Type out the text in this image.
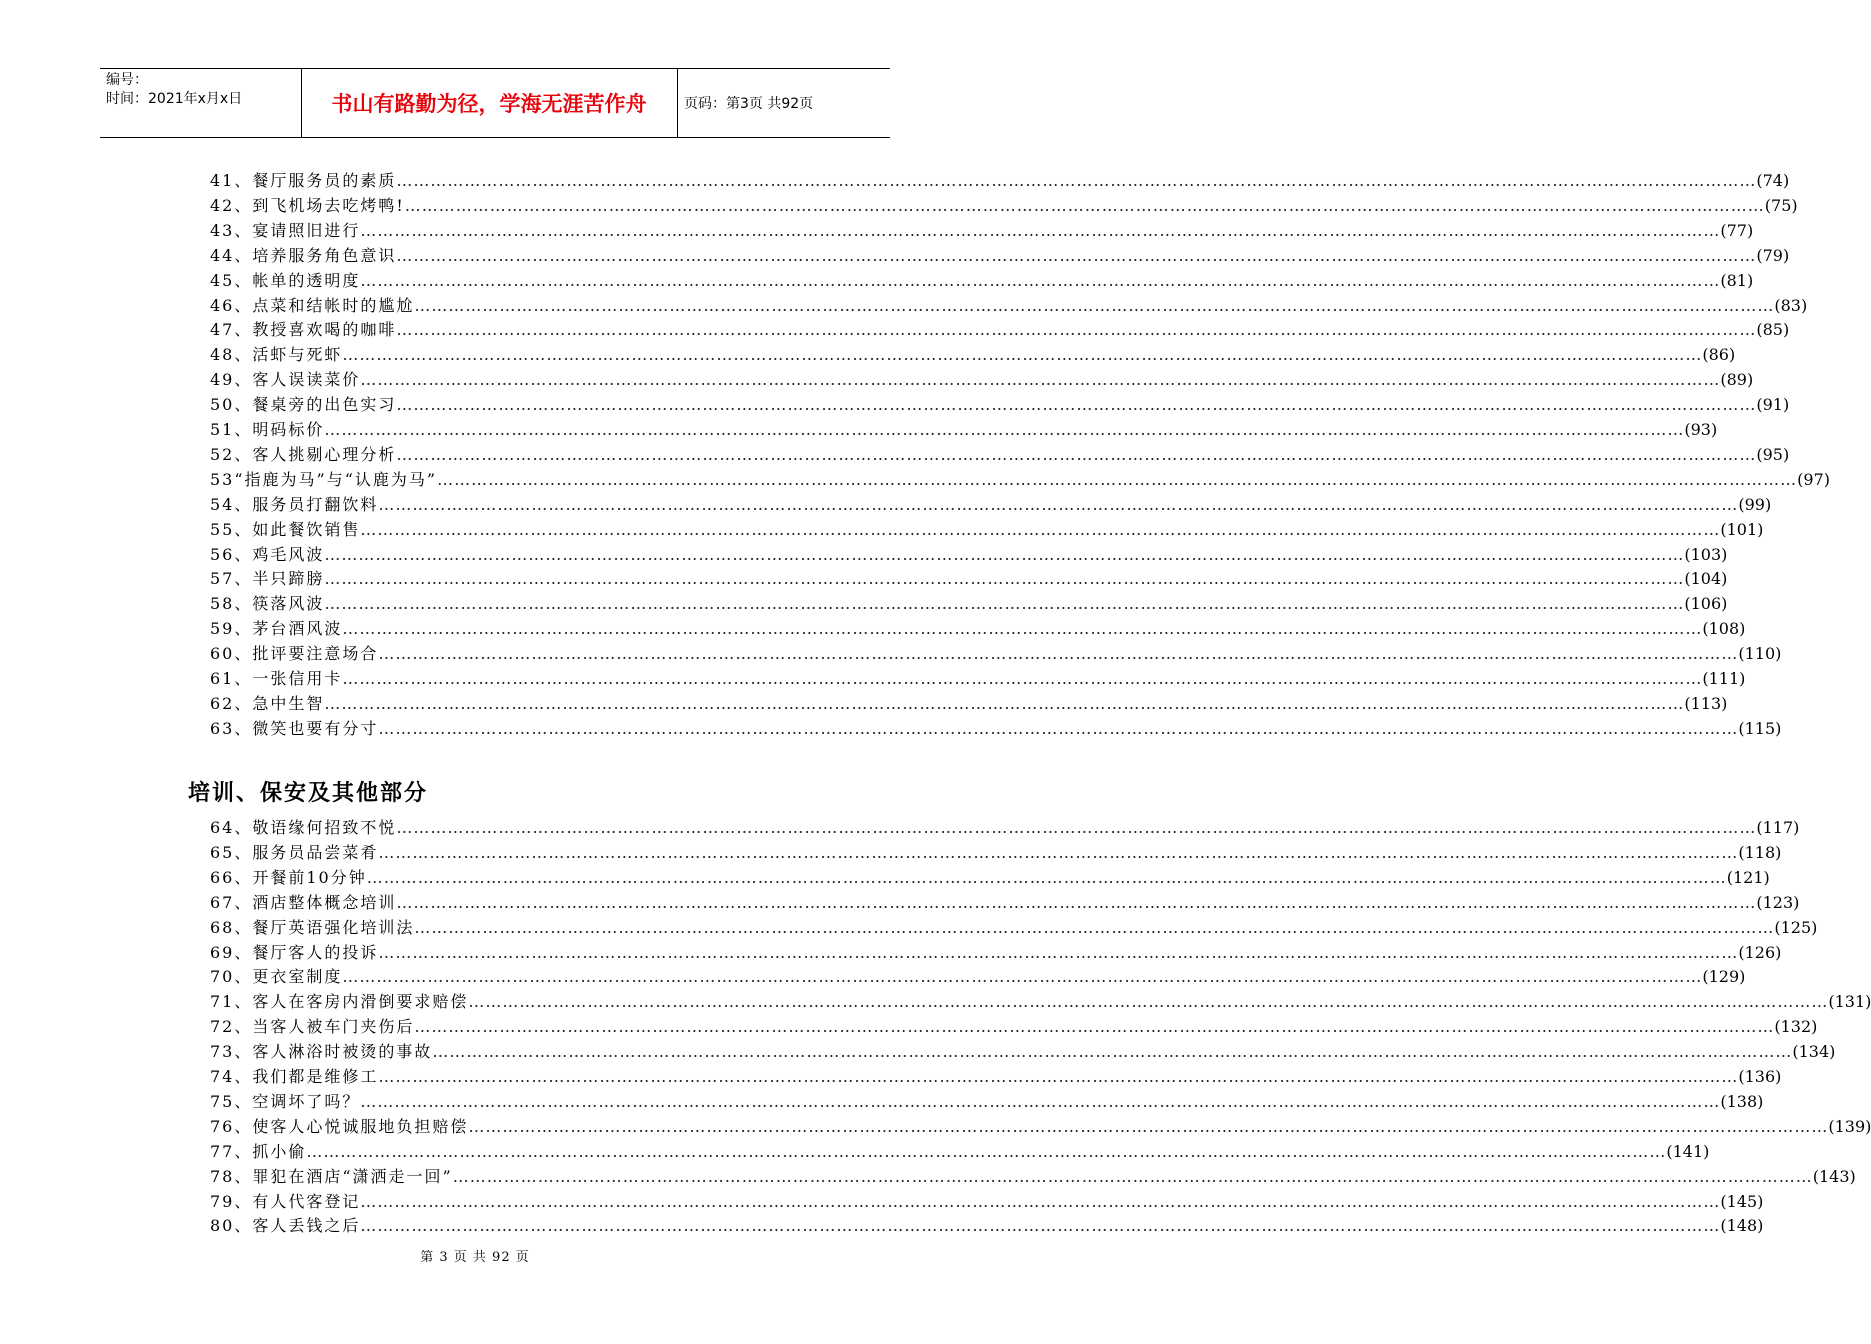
编号：
时间：2021年x月x日	书山有路勤为径，学海无涯苦作舟	页码：第3页 共92页
41、餐厅服务员的素质 …………………………………………………………………………………………………………………………………………………………………………………………………………………… (74)
42、到飞机场去吃烤鸭! …………………………………………………………………………………………………………………………………………………………………………………………………………………… (75)
43、宴请照旧进行 …………………………………………………………………………………………………………………………………………………………………………………………………………………… (77)
44、培养服务角色意识 …………………………………………………………………………………………………………………………………………………………………………………………………………………… (79)
45、帐单的透明度 …………………………………………………………………………………………………………………………………………………………………………………………………………………… (81)
46、点菜和结帐时的尴尬 …………………………………………………………………………………………………………………………………………………………………………………………………………………… (83)
47、教授喜欢喝的咖啡 …………………………………………………………………………………………………………………………………………………………………………………………………………………… (85)
48、活虾与死虾 …………………………………………………………………………………………………………………………………………………………………………………………………………………… (86)
49、客人误读菜价 …………………………………………………………………………………………………………………………………………………………………………………………………………………… (89)
50、餐桌旁的出色实习 …………………………………………………………………………………………………………………………………………………………………………………………………………………… (91)
51、明码标价 …………………………………………………………………………………………………………………………………………………………………………………………………………………… (93)
52、客人挑剔心理分析 …………………………………………………………………………………………………………………………………………………………………………………………………………………… (95)
53“指鹿为马”与“认鹿为马” …………………………………………………………………………………………………………………………………………………………………………………………………………………… (97)
54、服务员打翻饮料 …………………………………………………………………………………………………………………………………………………………………………………………………………………… (99)
55、如此餐饮销售 …………………………………………………………………………………………………………………………………………………………………………………………………………………… (101)
56、鸡毛风波 …………………………………………………………………………………………………………………………………………………………………………………………………………………… (103)
57、半只蹄膀 …………………………………………………………………………………………………………………………………………………………………………………………………………………… (104)
58、筷落风波 …………………………………………………………………………………………………………………………………………………………………………………………………………………… (106)
59、茅台酒风波 …………………………………………………………………………………………………………………………………………………………………………………………………………………… (108)
60、批评要注意场合 …………………………………………………………………………………………………………………………………………………………………………………………………………………… (110)
61、一张信用卡 …………………………………………………………………………………………………………………………………………………………………………………………………………………… (111)
62、急中生智 …………………………………………………………………………………………………………………………………………………………………………………………………………………… (113)
63、微笑也要有分寸 …………………………………………………………………………………………………………………………………………………………………………………………………………………… (115)
培训、保安及其他部分
64、敬语缘何招致不悦 …………………………………………………………………………………………………………………………………………………………………………………………………………………… (117)
65、服务员品尝菜肴 …………………………………………………………………………………………………………………………………………………………………………………………………………………… (118)
66、开餐前10分钟 …………………………………………………………………………………………………………………………………………………………………………………………………………………… (121)
67、酒店整体概念培训 …………………………………………………………………………………………………………………………………………………………………………………………………………………… (123)
68、餐厅英语强化培训法 …………………………………………………………………………………………………………………………………………………………………………………………………………………… (125)
69、餐厅客人的投诉 …………………………………………………………………………………………………………………………………………………………………………………………………………………… (126)
70、更衣室制度 …………………………………………………………………………………………………………………………………………………………………………………………………………………… (129)
71、客人在客房内滑倒要求赔偿 …………………………………………………………………………………………………………………………………………………………………………………………………………………… (131)
72、当客人被车门夹伤后 …………………………………………………………………………………………………………………………………………………………………………………………………………………… (132)
73、客人淋浴时被烫的事故 …………………………………………………………………………………………………………………………………………………………………………………………………………………… (134)
74、我们都是维修工 …………………………………………………………………………………………………………………………………………………………………………………………………………………… (136)
75、空调坏了吗？ …………………………………………………………………………………………………………………………………………………………………………………………………………………… (138)
76、使客人心悦诚服地负担赔偿 …………………………………………………………………………………………………………………………………………………………………………………………………………………… (139)
77、抓小偷 …………………………………………………………………………………………………………………………………………………………………………………………………………………… (141)
78、罪犯在酒店“潇洒走一回” …………………………………………………………………………………………………………………………………………………………………………………………………………………… (143)
79、有人代客登记 …………………………………………………………………………………………………………………………………………………………………………………………………………………… (145)
80、客人丢钱之后 …………………………………………………………………………………………………………………………………………………………………………………………………………………… (148)
第 3 页 共 92 页
